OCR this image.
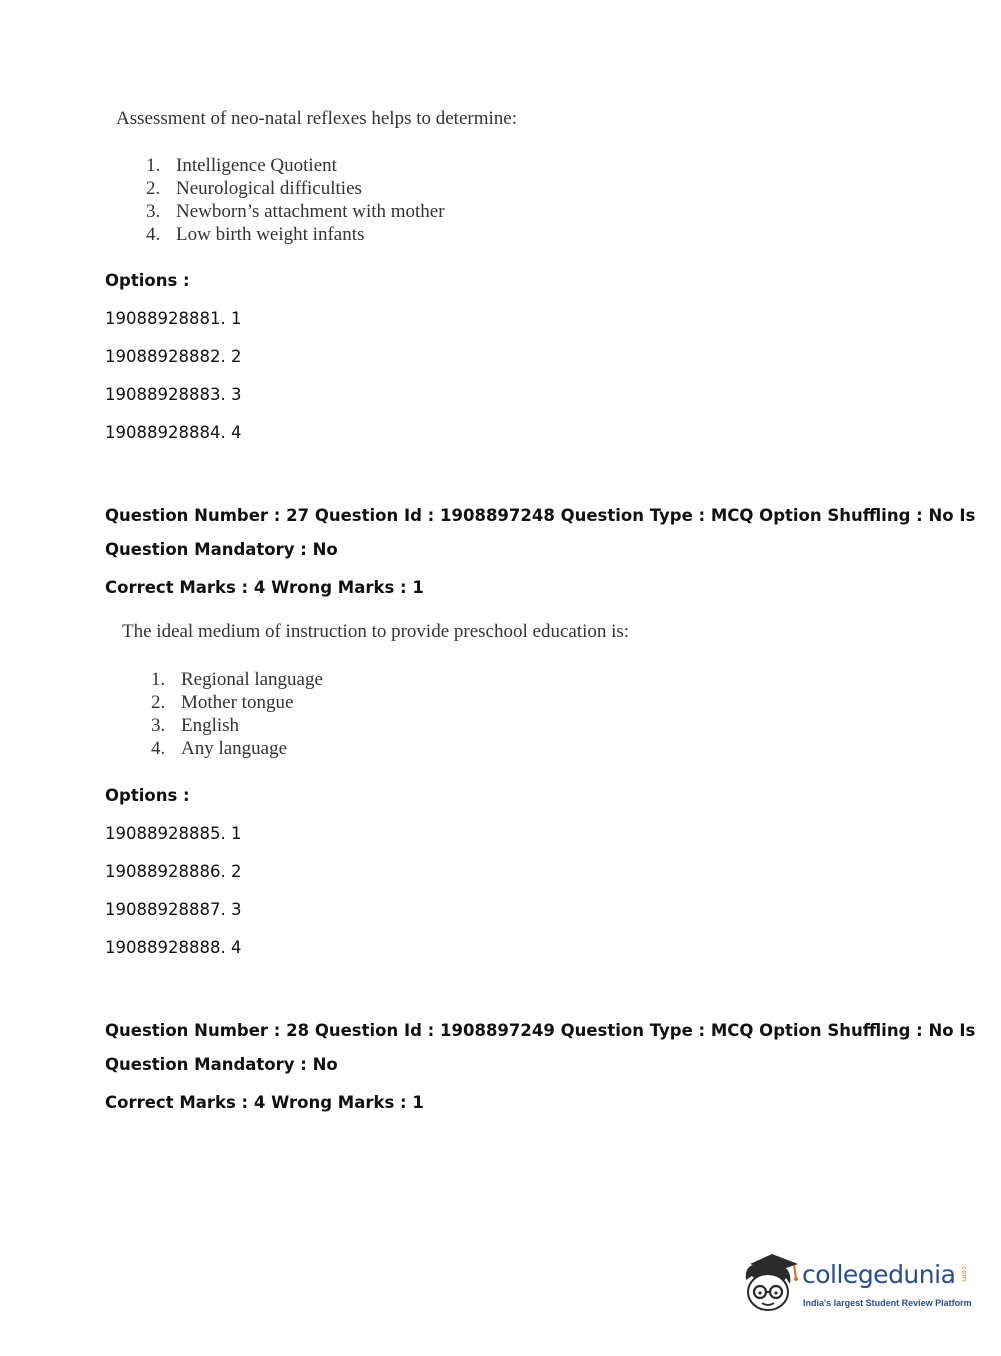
Assessment of neo-natal reflexes helps to determine:

1. Intelligence Quotient
2. Neurological difficulties
3. Newborn’s attachment with mother
4. Low birth weight infants
Options :
19088928881. 1
19088928882. 2
19088928883. 3
19088928884. 4
Question Number : 27 Question Id : 1908897248 Question Type : MCQ Option Shuffling : No Is
Question Mandatory : No
Correct Marks : 4 Wrong Marks : 1

The ideal medium of instruction to provide preschool education is:

1. Regional language
2. Mother tongue
3. English
4. Any language
Options :
19088928885. 1
19088928886. 2
19088928887. 3
19088928888. 4
Question Number : 28 Question Id : 1908897249 Question Type : MCQ Option Shuffling : No Is
Question Mandatory : No
Correct Marks : 4 Wrong Marks : 1
collegedunia .com
India's largest Student Review Platform
